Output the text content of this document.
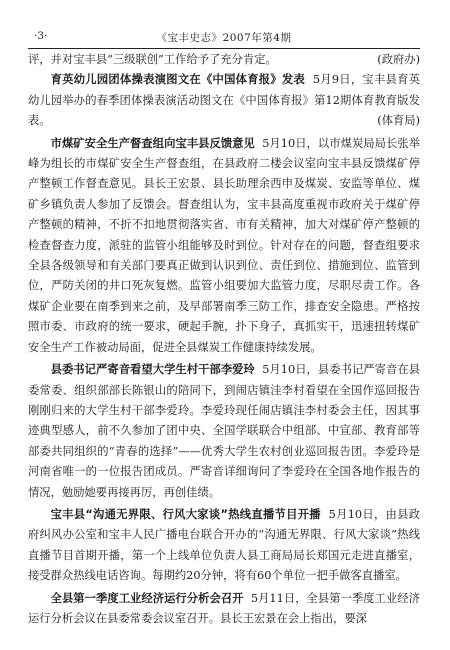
·3·	《宝丰史志》2007年第4期

(政府办)
评，并对宝丰县“三级联创”工作给予了充分肯定。

育英幼儿园团体操表演图文在《中国体育报》发表 5月9日，宝丰县育英幼儿园举办的春季团体操表演活动图文在《中国体育报》第12期体育教育版发表。	(体育局)

市煤矿安全生产督查组向宝丰县反馈意见 5月10日，以市煤炭局局长张举峰为组长的市煤矿安全生产督查组，在县政府二楼会议室向宝丰县反馈煤矿停产整顿工作督查意见。县长王宏景、县长助理余西申及煤炭、安监等单位、煤矿乡镇负责人参加了反馈会。督查组认为，宝丰县高度重视市政府关于煤矿停产整顿的精神，不折不扣地贯彻落实省、市有关精神，加大对煤矿停产整顿的检查督查力度，派驻的监管小组能够及时到位。针对存在的问题，督查组要求全县各级领导和有关部门要真正做到认识到位、责任到位、措施到位、监管到位，严防关闭的井口死灰复燃。监管小组要加大监管力度，尽职尽责工作。各煤矿企业要在南季到来之前，及早部署南季三防工作，排查安全隐患。严格按照市委、市政府的统一要求，硬起手腕，扑下身子，真抓实干，迅速扭转煤矿安全生产工作被动局面，促进全县煤炭工作健康持续发展。

县委书记严寄音看望大学生村干部李爱玲 5月10日，县委书记严寄音在县委常委、组织部部长陈银山的陪同下，到闹店镇洼李村看望在全国作巡回报告刚刚归来的大学生村干部李爱玲。李爱玲现任闹店镇洼李村委会主任，因其事迹典型感人，前不久参加了团中央、全国学联联合中组部、中宣部、教育部等部委共同组织的“青春的选择”——优秀大学生农村创业巡回报告团。李爱玲是河南省唯一的一位报告团成员。严寄音详细询问了李爱玲在全国各地作报告的情况，勉励她要再接再厉，再创佳绩。

宝丰县“沟通无界限、行风大家谈”热线直播节目开播 5月10日，由县政府纠风办公室和宝丰人民广播电台联合开办的“沟通无界限、行风大家谈”热线直播节目首期开播，第一个上线单位负责人县工商局局长郑国元走进直播室，接受群众热线电话咨询。每期约20分钟，将有60个单位一把手做客直播室。

全县第一季度工业经济运行分析会召开 5月11日，全县第一季度工业经济运行分析会议在县委常委会议室召开。县长王宏景在会上指出，要深
